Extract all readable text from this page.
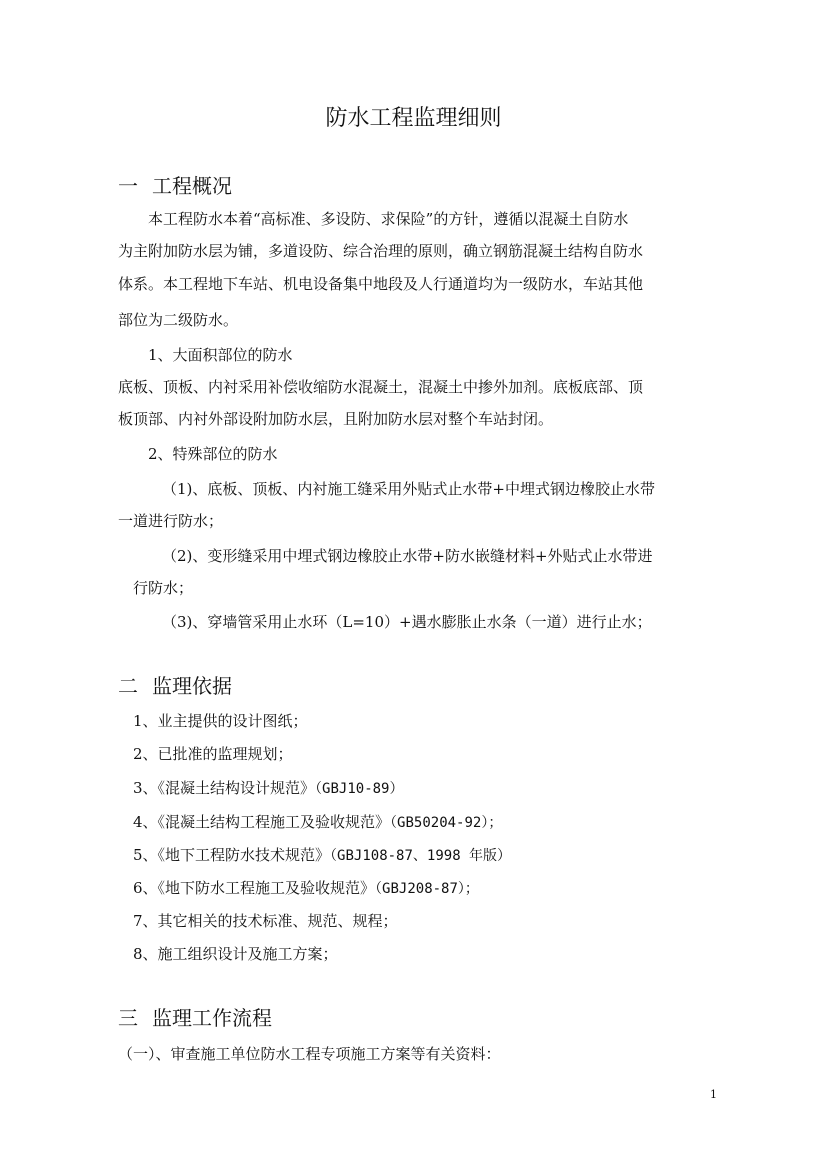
防水工程监理细则
一 工程概况
本工程防水本着“高标准、多设防、求保险”的方针，遵循以混凝土自防水
为主附加防水层为铺，多道设防、综合治理的原则，确立钢筋混凝土结构自防水
体系。本工程地下车站、机电设备集中地段及人行通道均为一级防水，车站其他
部位为二级防水。
1、大面积部位的防水
底板、顶板、内衬采用补偿收缩防水混凝土，混凝土中掺外加剂。底板底部、顶
板顶部、内衬外部设附加防水层，且附加防水层对整个车站封闭。
2、特殊部位的防水
（1)、底板、顶板、内衬施工缝采用外贴式止水带+中埋式钢边橡胶止水带
一道进行防水；
（2)、变形缝采用中埋式钢边橡胶止水带+防水嵌缝材料+外贴式止水带进
行防水；
（3)、穿墙管采用止水环（L=10）+遇水膨胀止水条（一道）进行止水；
二 监理依据
1、业主提供的设计图纸；
2、已批准的监理规划；
3、《混凝土结构设计规范》（GBJ10-89）
4、《混凝土结构工程施工及验收规范》（GB50204-92）；
5、《地下工程防水技术规范》（GBJ108-87、1998 年版）
6、《地下防水工程施工及验收规范》（GBJ208-87）；
7、其它相关的技术标准、规范、规程；
8、施工组织设计及施工方案；
三 监理工作流程
（一）、审查施工单位防水工程专项施工方案等有关资料：
1
